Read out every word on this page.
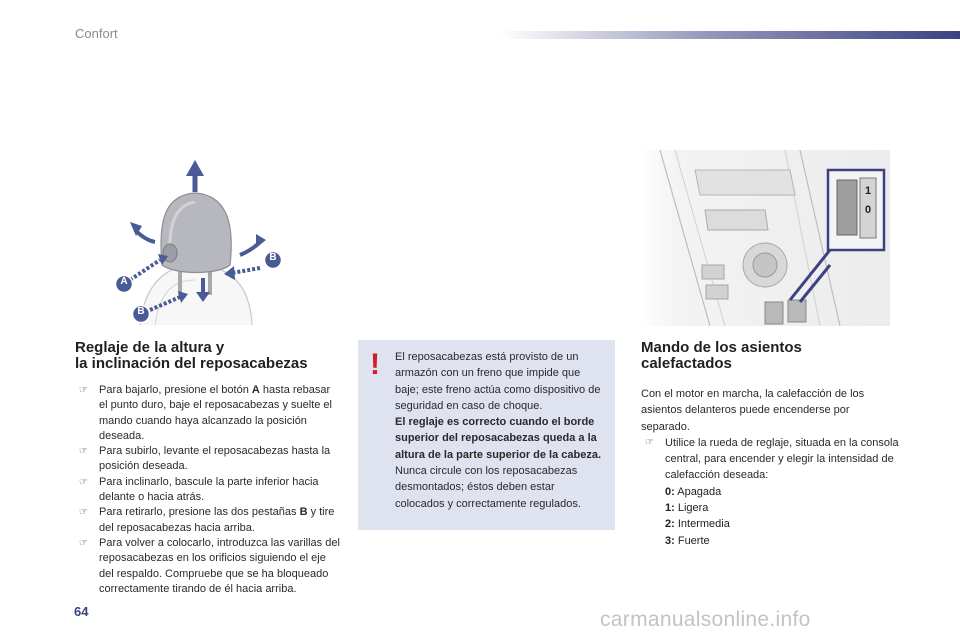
Confort
A
B
B
1
0
Reglaje de la altura y
la inclinación del reposacabezas
☞ Para bajarlo, presione el botón A hasta rebasar el punto duro, baje el reposacabezas y suelte el mando cuando haya alcanzado la posición deseada.
☞ Para subirlo, levante el reposacabezas hasta la posición deseada.
☞ Para inclinarlo, bascule la parte inferior hacia delante o hacia atrás.
☞ Para retirarlo, presione las dos pestañas B y tire del reposacabezas hacia arriba.
☞ Para volver a colocarlo, introduzca las varillas del reposacabezas en los orificios siguiendo el eje del respaldo. Compruebe que se ha bloqueado correctamente tirando de él hacia arriba.
! El reposacabezas está provisto de un armazón con un freno que impide que baje; este freno actúa como dispositivo de seguridad en caso de choque.

El reglaje es correcto cuando el borde superior del reposacabezas queda a la altura de la parte superior de la cabeza.

Nunca circule con los reposacabezas desmontados; éstos deben estar colocados y correctamente regulados.

Mando de los asientos
calefactados

Con el motor en marcha, la calefacción de los asientos delanteros puede encenderse por separado.

☞ Utilice la rueda de reglaje, situada en la consola central, para encender y elegir la intensidad de calefacción deseada:
0: Apagada
1: Ligera
2: Intermedia
3: Fuerte
64	carmanualsonline.info
